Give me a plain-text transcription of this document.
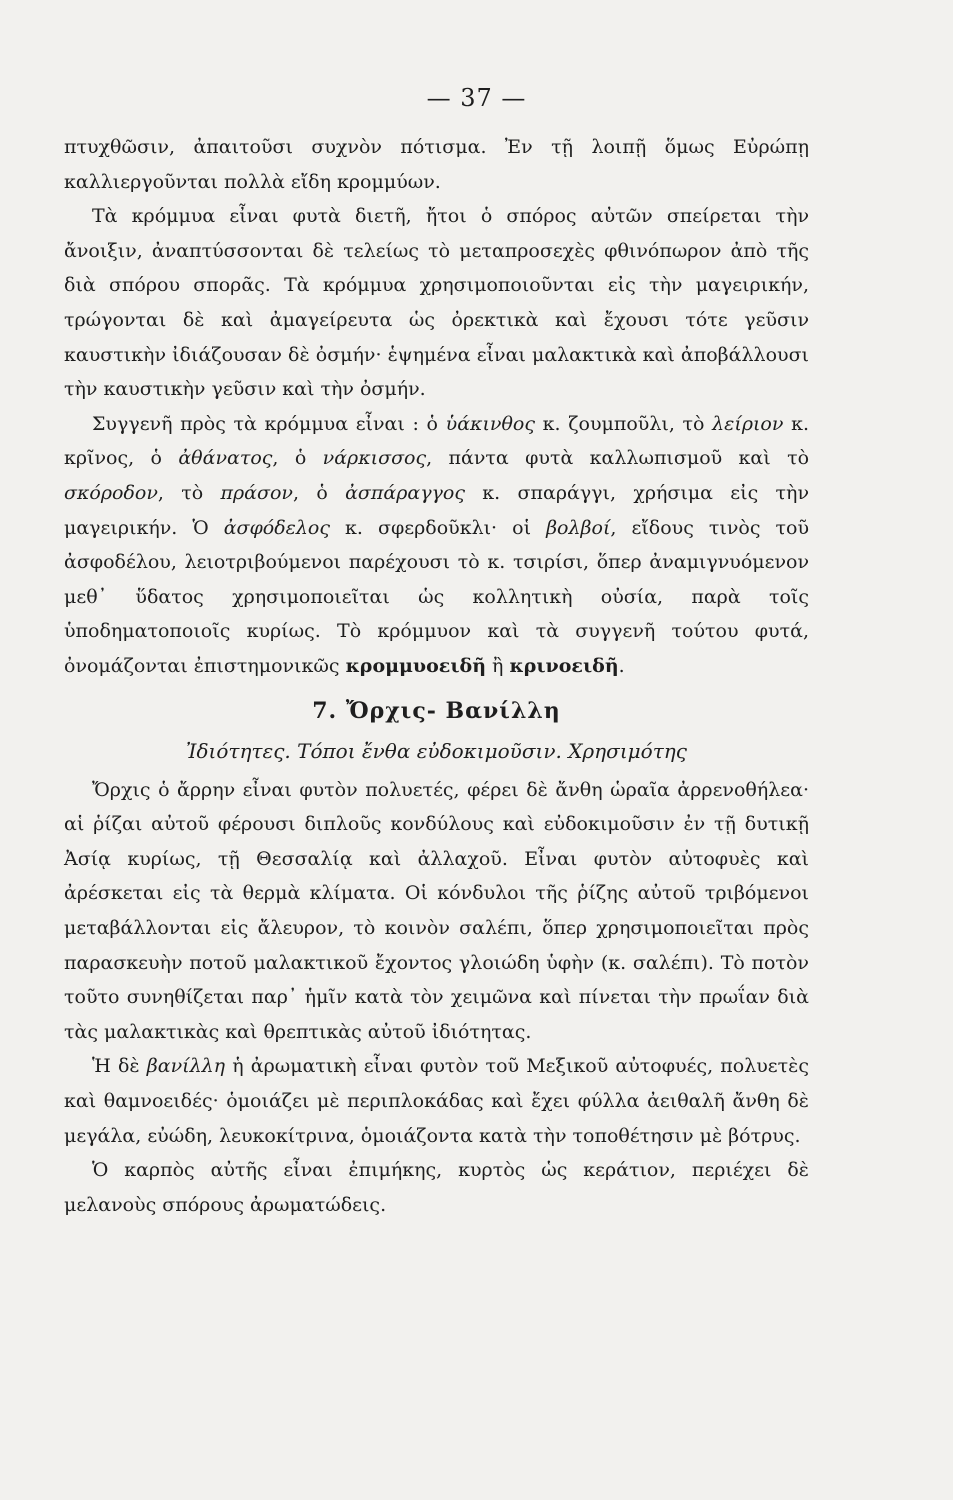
— 37 —

πτυχθῶσιν, ἀπαιτοῦσι συχνὸν πότισμα. Ἐν τῇ λοιπῇ ὅμως Εὐρώπῃ καλλιεργοῦνται πολλὰ εἴδη κρομμύων.

Τὰ κρόμμυα εἶναι φυτὰ διετῆ, ἤτοι ὁ σπόρος αὐτῶν σπείρεται τὴν ἄνοιξιν, ἀναπτύσσονται δὲ τελείως τὸ μεταπροσεχὲς φθινόπωρον ἀπὸ τῆς διὰ σπόρου σπορᾶς. Τὰ κρόμμυα χρησιμοποιοῦνται εἰς τὴν μαγειρικήν, τρώγονται δὲ καὶ ἀμαγείρευτα ὡς ὀρεκτικὰ καὶ ἔχουσι τότε γεῦσιν καυστικὴν ἰδιάζουσαν δὲ ὀσμήν· ἑψημένα εἶναι μαλακτικὰ καὶ ἀποβάλλουσι τὴν καυστικὴν γεῦσιν καὶ τὴν ὀσμήν.

Συγγενῆ πρὸς τὰ κρόμμυα εἶναι : ὁ ὑάκινθος κ. ζουμποῦλι, τὸ λείριον κ. κρῖνος, ὁ ἀθάνατος, ὁ νάρκισσος, πάντα φυτὰ καλλωπισμοῦ καὶ τὸ σκόροδον, τὸ πράσον, ὁ ἀσπάραγγος κ. σπαράγγι, χρήσιμα εἰς τὴν μαγειρικήν. Ὁ ἀσφόδελος κ. σφερδοῦκλι· οἱ βολβοί, εἴδους τινὸς τοῦ ἀσφοδέλου, λειοτριβούμενοι παρέχουσι τὸ κ. τσιρίσι, ὅπερ ἀναμιγνυόμενον μεθ᾽ ὕδατος χρησιμοποιεῖται ὡς κολλητικὴ οὐσία, παρὰ τοῖς ὑποδηματοποιοῖς κυρίως. Τὸ κρόμμυον καὶ τὰ συγγενῆ τούτου φυτά, ὀνομάζονται ἐπιστημονικῶς κρομμυοειδῆ ἢ κρινοειδῆ.

7. Ὄρχις- Βανίλλη
Ἰδιότητες. Τόποι ἔνθα εὐδοκιμοῦσιν. Χρησιμότης

Ὄρχις ὁ ἄρρην εἶναι φυτὸν πολυετές, φέρει δὲ ἄνθη ὡραῖα ἀρρενοθήλεα· αἱ ῥίζαι αὐτοῦ φέρουσι διπλοῦς κονδύλους καὶ εὐδοκιμοῦσιν ἐν τῇ δυτικῇ Ἀσίᾳ κυρίως, τῇ Θεσσαλίᾳ καὶ ἀλλαχοῦ. Εἶναι φυτὸν αὐτοφυὲς καὶ ἀρέσκεται εἰς τὰ θερμὰ κλίματα. Οἱ κόνδυλοι τῆς ῥίζης αὐτοῦ τριβόμενοι μεταβάλλονται εἰς ἄλευρον, τὸ κοινὸν σαλέπι, ὅπερ χρησιμοποιεῖται πρὸς παρασκευὴν ποτοῦ μαλακτικοῦ ἔχοντος γλοιώδη ὑφὴν (κ. σαλέπι). Τὸ ποτὸν τοῦτο συνηθίζεται παρ᾽ ἡμῖν κατὰ τὸν χειμῶνα καὶ πίνεται τὴν πρωΐαν διὰ τὰς μαλακτικὰς καὶ θρεπτικὰς αὐτοῦ ἰδιότητας.

Ἡ δὲ βανίλλη ἡ ἀρωματικὴ εἶναι φυτὸν τοῦ Μεξικοῦ αὐτοφυές, πολυετὲς καὶ θαμνοειδές· ὁμοιάζει μὲ περιπλοκάδας καὶ ἔχει φύλλα ἀειθαλῆ ἄνθη δὲ μεγάλα, εὐώδη, λευκοκίτρινα, ὁμοιάζοντα κατὰ τὴν τοποθέτησιν μὲ βότρυς.

Ὁ καρπὸς αὐτῆς εἶναι ἐπιμήκης, κυρτὸς ὡς κεράτιον, περιέχει δὲ μελανοὺς σπόρους ἀρωματώδεις.
